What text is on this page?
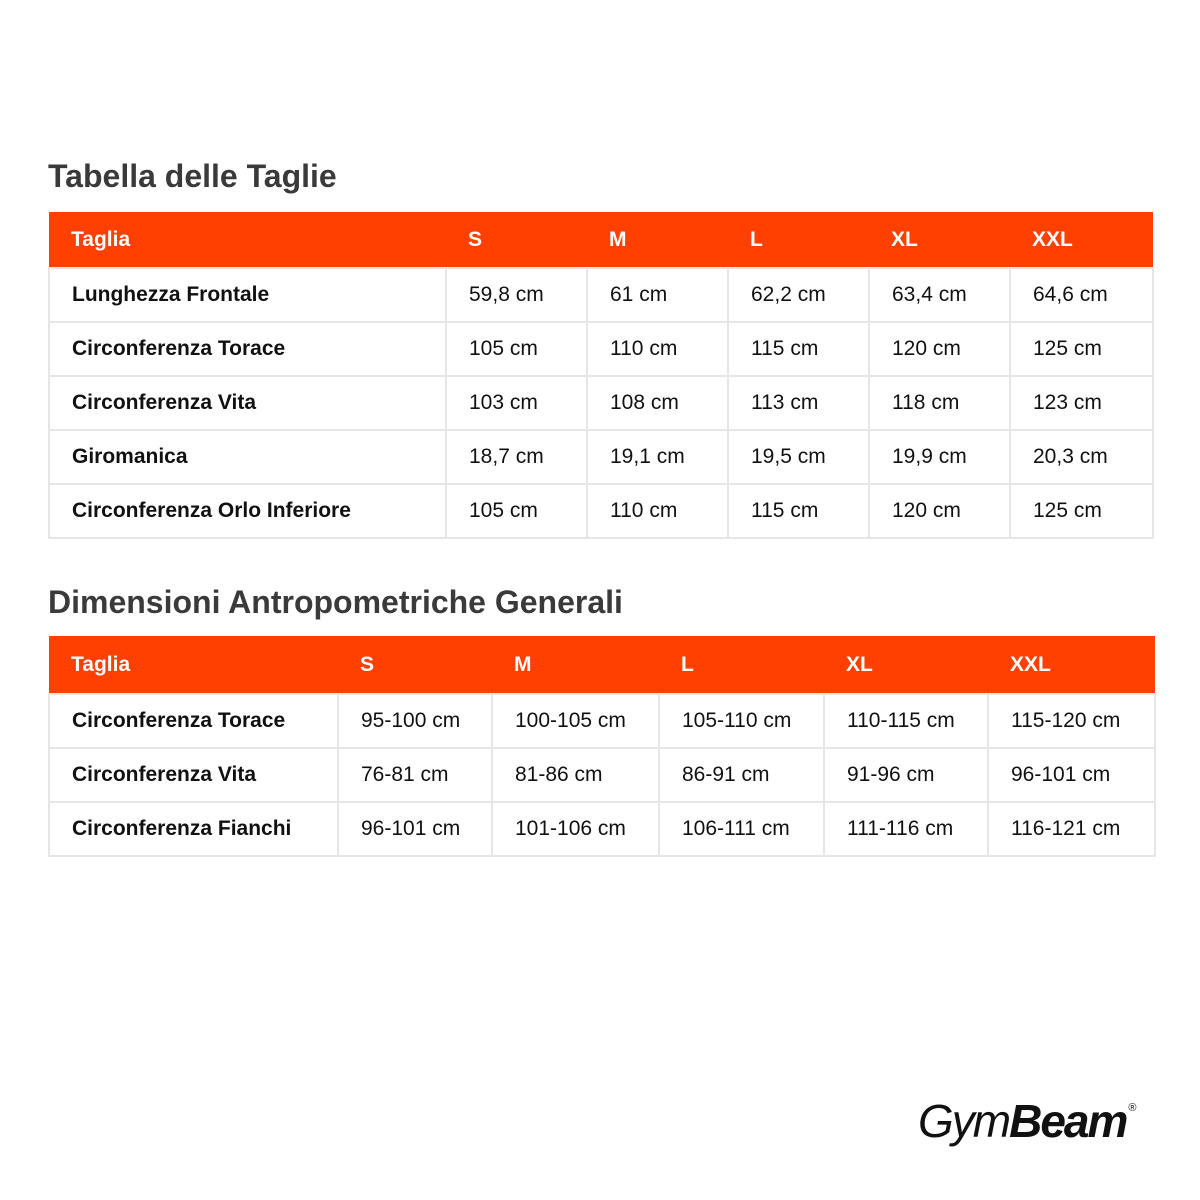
Tabella delle Taglie
Taglia	S	M	L	XL	XXL
Lunghezza Frontale	59,8 cm	61 cm	62,2 cm	63,4 cm	64,6 cm
Circonferenza Torace	105 cm	110 cm	115 cm	120 cm	125 cm
Circonferenza Vita	103 cm	108 cm	113 cm	118 cm	123 cm
Giromanica	18,7 cm	19,1 cm	19,5 cm	19,9 cm	20,3 cm
Circonferenza Orlo Inferiore	105 cm	110 cm	115 cm	120 cm	125 cm
Dimensioni Antropometriche Generali
Taglia	S	M	L	XL	XXL
Circonferenza Torace	95-100 cm	100-105 cm	105-110 cm	110-115 cm	115-120 cm
Circonferenza Vita	76-81 cm	81-86 cm	86-91 cm	91-96 cm	96-101 cm
Circonferenza Fianchi	96-101 cm	101-106 cm	106-111 cm	111-116 cm	116-121 cm
Gym Beam ®
